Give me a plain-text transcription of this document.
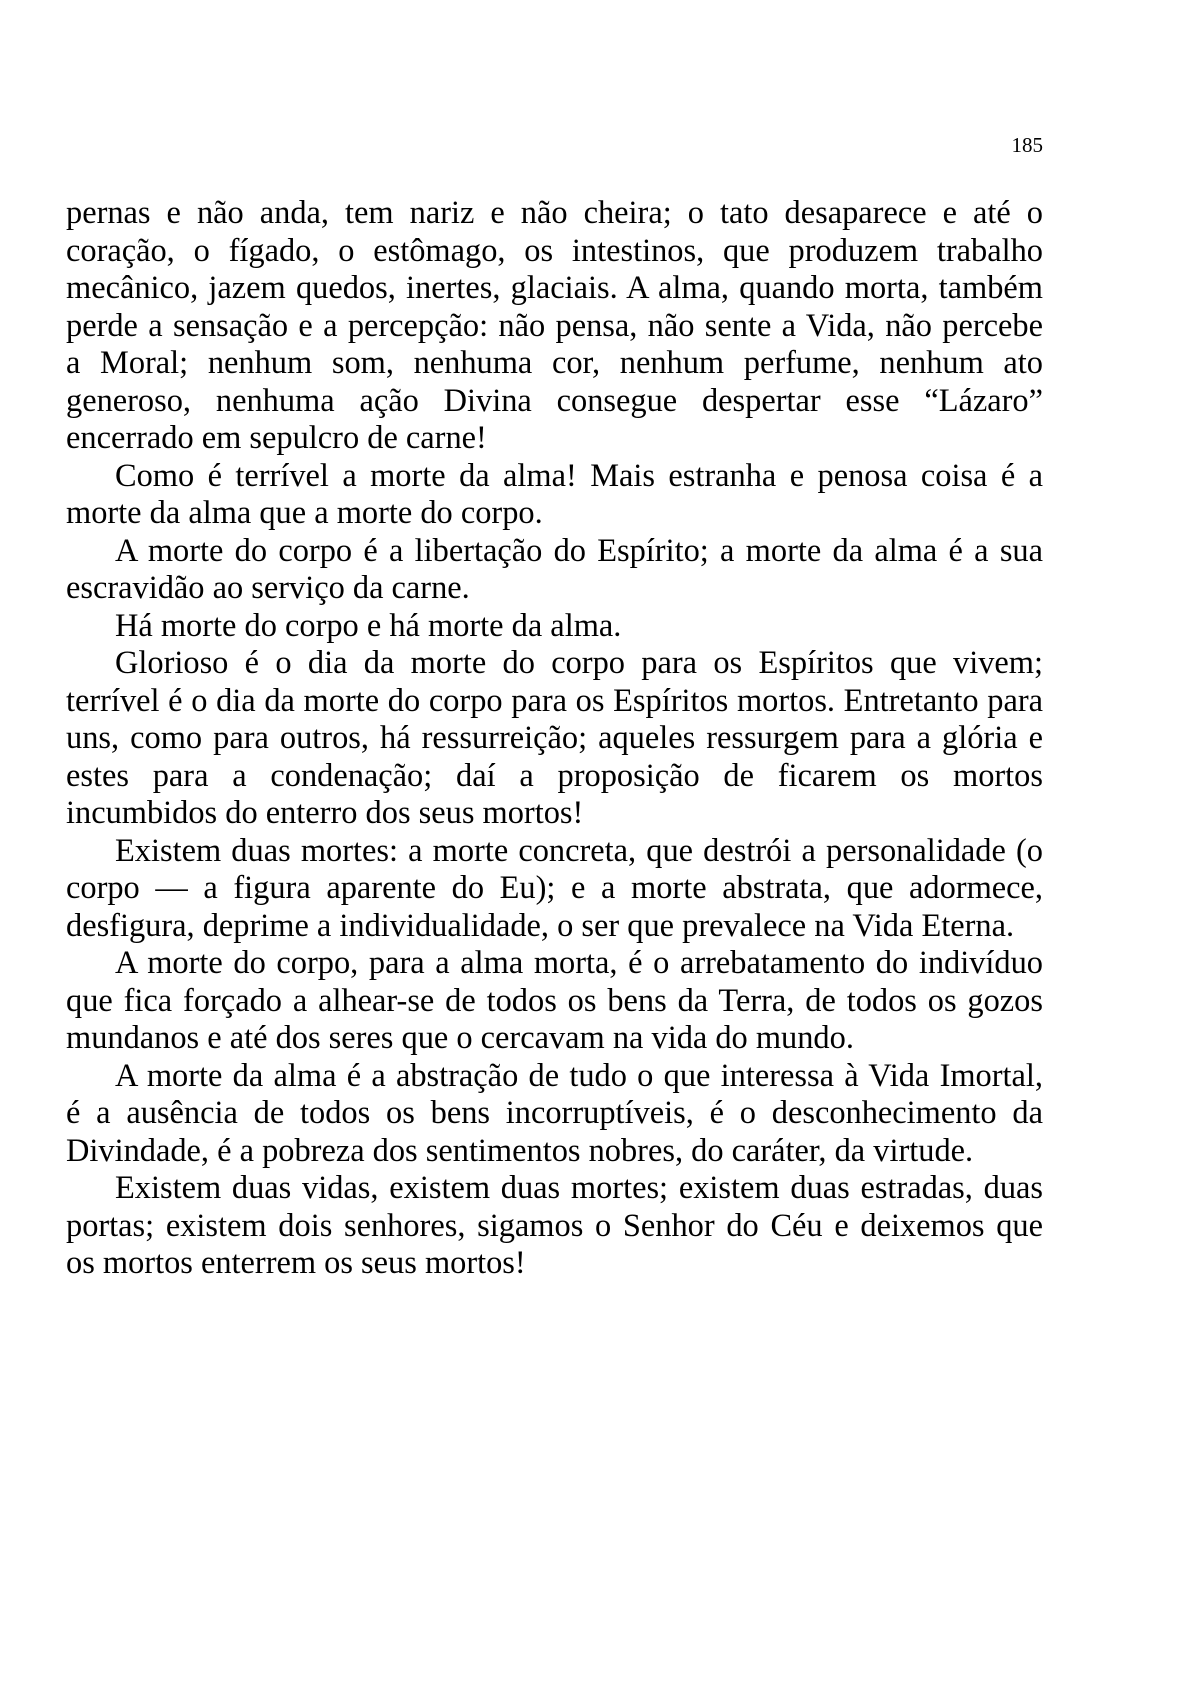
185
pernas e não anda, tem nariz e não cheira; o tato desaparece e até o
coração, o fígado, o estômago, os intestinos, que produzem trabalho
mecânico, jazem quedos, inertes, glaciais. A alma, quando morta, também
perde a sensação e a percepção: não pensa, não sente a Vida, não percebe
a Moral; nenhum som, nenhuma cor, nenhum perfume, nenhum ato
generoso, nenhuma ação Divina consegue despertar esse “Lázaro”
encerrado em sepulcro de carne!
Como é terrível a morte da alma! Mais estranha e penosa coisa é a
morte da alma que a morte do corpo.
A morte do corpo é a libertação do Espírito; a morte da alma é a sua
escravidão ao serviço da carne.
Há morte do corpo e há morte da alma.
Glorioso é o dia da morte do corpo para os Espíritos que vivem;
terrível é o dia da morte do corpo para os Espíritos mortos. Entretanto para
uns, como para outros, há ressurreição; aqueles ressurgem para a glória e
estes para a condenação; daí a proposição de ficarem os mortos
incumbidos do enterro dos seus mortos!
Existem duas mortes: a morte concreta, que destrói a personalidade (o
corpo — a figura aparente do Eu); e a morte abstrata, que adormece,
desfigura, deprime a individualidade, o ser que prevalece na Vida Eterna.
A morte do corpo, para a alma morta, é o arrebatamento do indivíduo
que fica forçado a alhear-se de todos os bens da Terra, de todos os gozos
mundanos e até dos seres que o cercavam na vida do mundo.
A morte da alma é a abstração de tudo o que interessa à Vida Imortal,
é a ausência de todos os bens incorruptíveis, é o desconhecimento da
Divindade, é a pobreza dos sentimentos nobres, do caráter, da virtude.
Existem duas vidas, existem duas mortes; existem duas estradas, duas
portas; existem dois senhores, sigamos o Senhor do Céu e deixemos que
os mortos enterrem os seus mortos!
